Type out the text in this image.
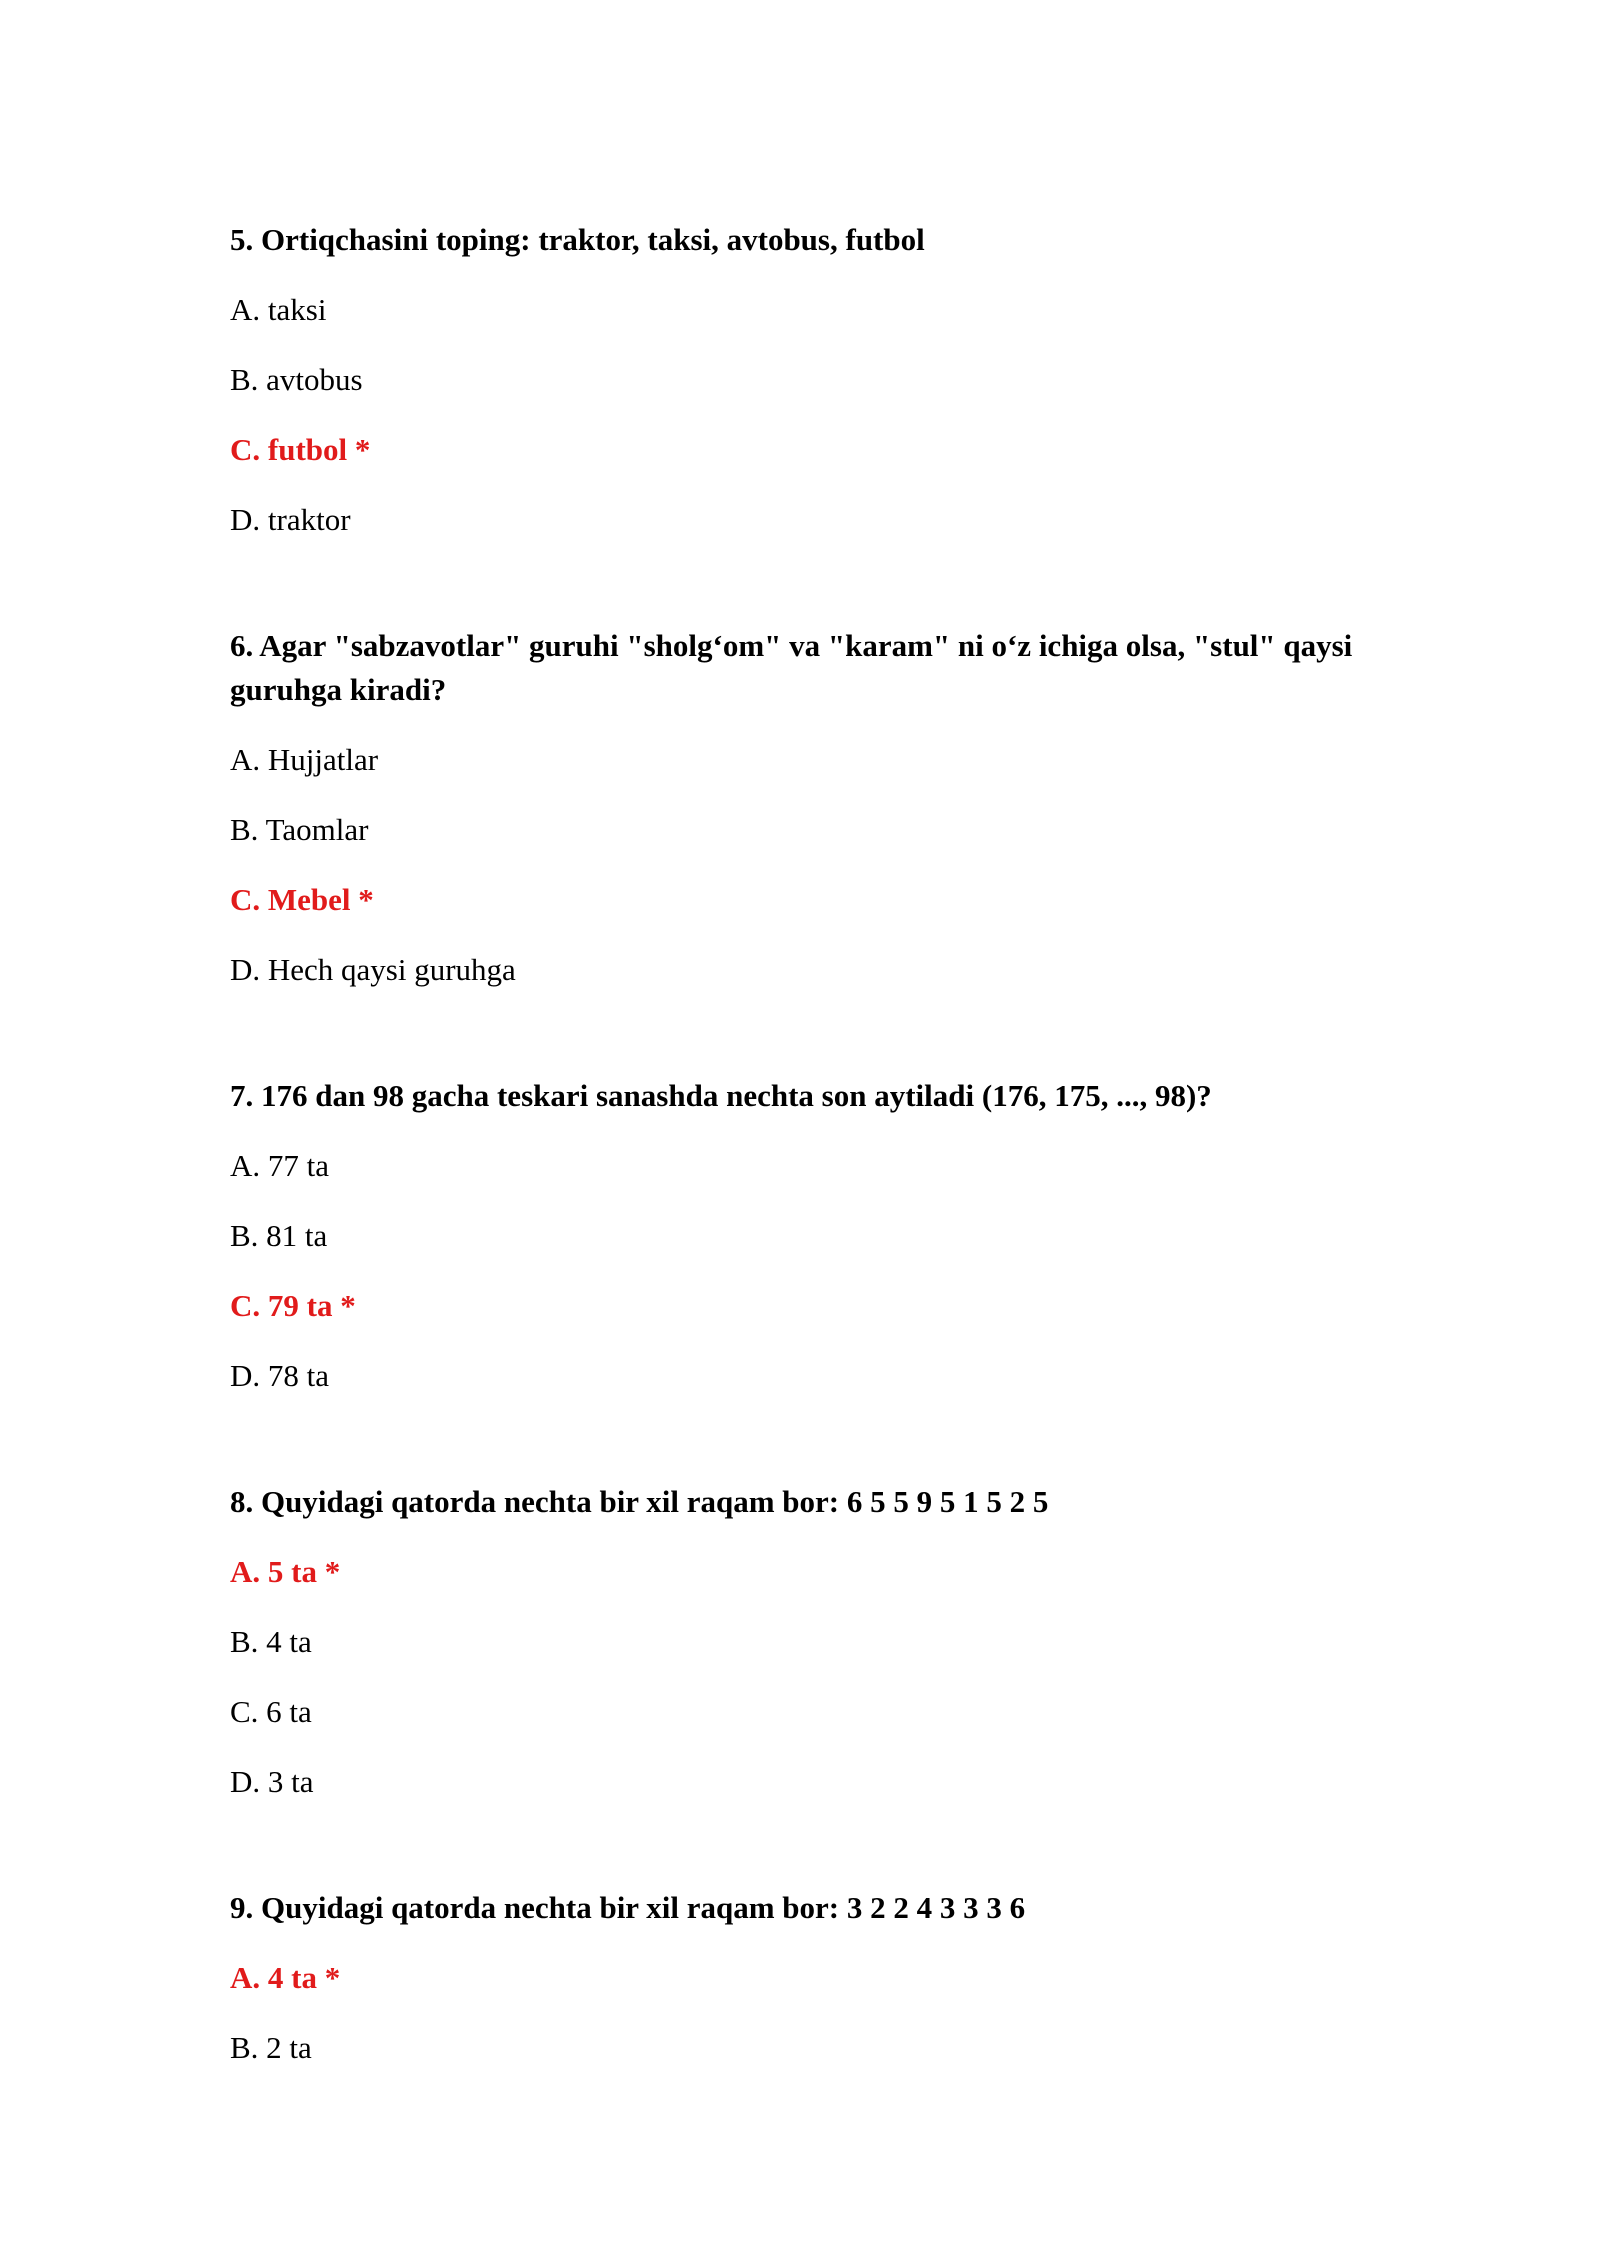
5. Ortiqchasini toping: traktor, taksi, avtobus, futbol

A. taksi
B. avtobus
C. futbol *
D. traktor

6. Agar "sabzavotlar" guruhi "sholg‘om" va "karam" ni o‘z ichiga olsa, "stul" qaysi guruhga kiradi?

A. Hujjatlar
B. Taomlar
C. Mebel *
D. Hech qaysi guruhga

7. 176 dan 98 gacha teskari sanashda nechta son aytiladi (176, 175, ..., 98)?

A. 77 ta
B. 81 ta
C. 79 ta *
D. 78 ta

8. Quyidagi qatorda nechta bir xil raqam bor: 6 5 5 9 5 1 5 2 5

A. 5 ta *
B. 4 ta
C. 6 ta
D. 3 ta

9. Quyidagi qatorda nechta bir xil raqam bor: 3 2 2 4 3 3 3 6

A. 4 ta *
B. 2 ta
